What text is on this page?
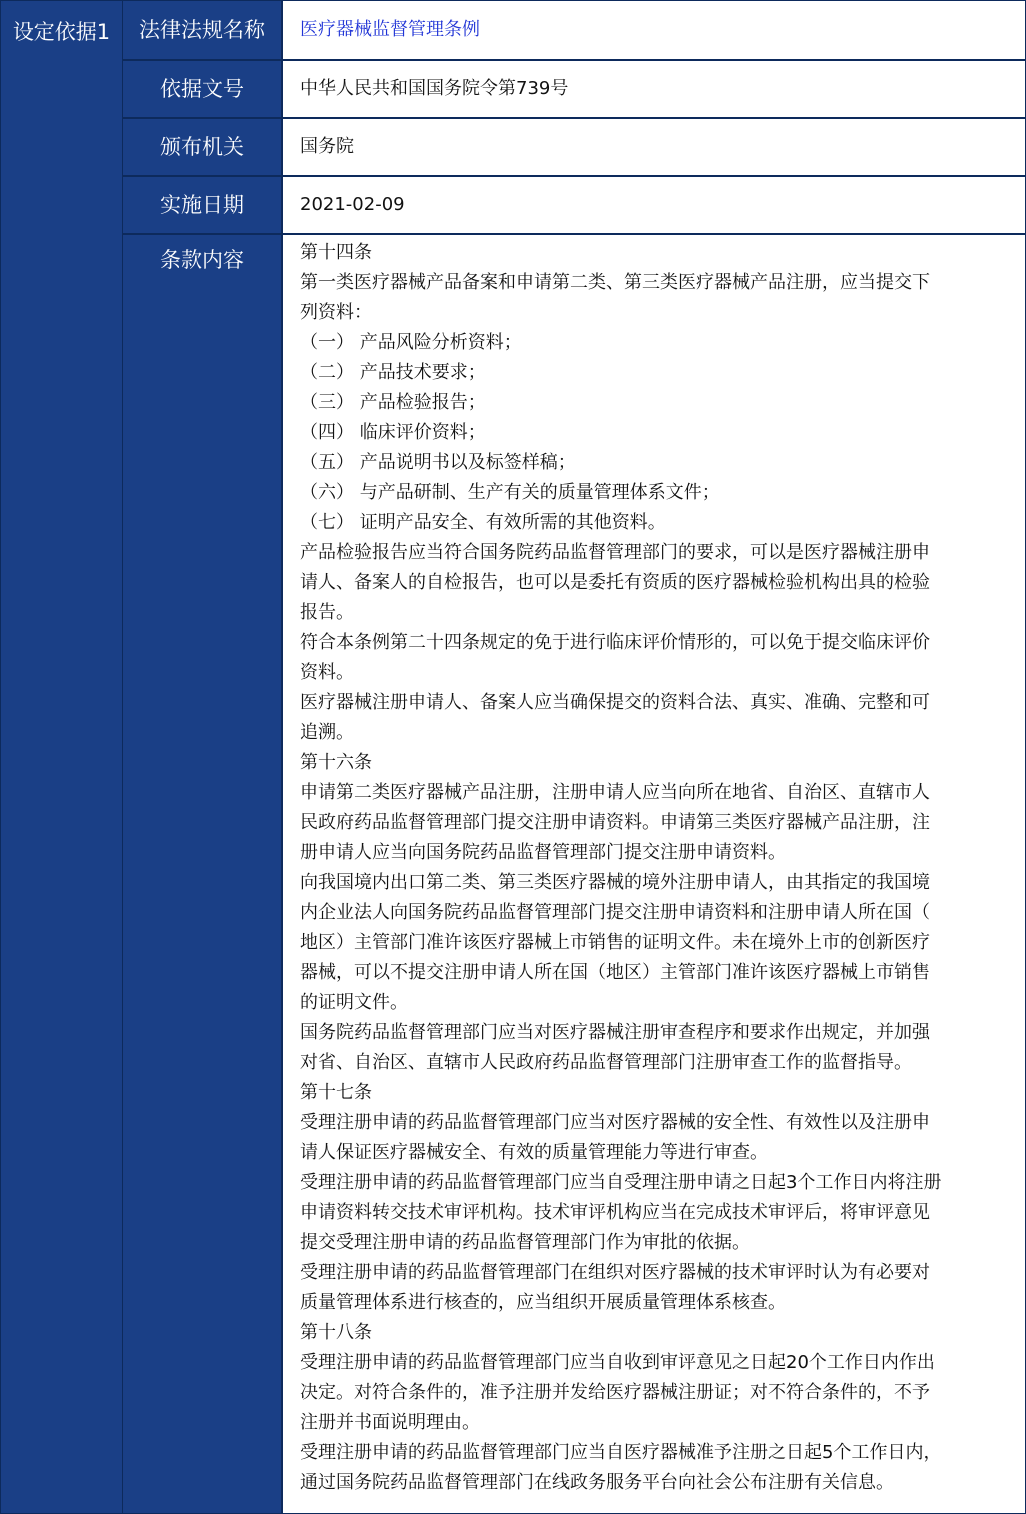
设定依据1	法律法规名称	医疗器械监督管理条例
依据文号	中华人民共和国国务院令第739号
颁布机关	国务院
实施日期	2021-02-09
条款内容	第十四条

第一类医疗器械产品备案和申请第二类、第三类医疗器械产品注册，应当提交下

列资料：

（一） 产品风险分析资料；

（二） 产品技术要求；

（三） 产品检验报告；

（四） 临床评价资料；

（五） 产品说明书以及标签样稿；

（六） 与产品研制、生产有关的质量管理体系文件；

（七） 证明产品安全、有效所需的其他资料。

产品检验报告应当符合国务院药品监督管理部门的要求，可以是医疗器械注册申

请人、备案人的自检报告，也可以是委托有资质的医疗器械检验机构出具的检验

报告。

符合本条例第二十四条规定的免于进行临床评价情形的，可以免于提交临床评价

资料。

医疗器械注册申请人、备案人应当确保提交的资料合法、真实、准确、完整和可

追溯。

第十六条

申请第二类医疗器械产品注册，注册申请人应当向所在地省、自治区、直辖市人

民政府药品监督管理部门提交注册申请资料。申请第三类医疗器械产品注册，注

册申请人应当向国务院药品监督管理部门提交注册申请资料。

向我国境内出口第二类、第三类医疗器械的境外注册申请人，由其指定的我国境

内企业法人向国务院药品监督管理部门提交注册申请资料和注册申请人所在国（

地区）主管部门准许该医疗器械上市销售的证明文件。未在境外上市的创新医疗

器械，可以不提交注册申请人所在国（地区）主管部门准许该医疗器械上市销售

的证明文件。

国务院药品监督管理部门应当对医疗器械注册审查程序和要求作出规定，并加强

对省、自治区、直辖市人民政府药品监督管理部门注册审查工作的监督指导。

第十七条

受理注册申请的药品监督管理部门应当对医疗器械的安全性、有效性以及注册申

请人保证医疗器械安全、有效的质量管理能力等进行审查。

受理注册申请的药品监督管理部门应当自受理注册申请之日起3个工作日内将注册

申请资料转交技术审评机构。技术审评机构应当在完成技术审评后，将审评意见

提交受理注册申请的药品监督管理部门作为审批的依据。

受理注册申请的药品监督管理部门在组织对医疗器械的技术审评时认为有必要对

质量管理体系进行核查的，应当组织开展质量管理体系核查。

第十八条

受理注册申请的药品监督管理部门应当自收到审评意见之日起20个工作日内作出

决定。对符合条件的，准予注册并发给医疗器械注册证；对不符合条件的，不予

注册并书面说明理由。

受理注册申请的药品监督管理部门应当自医疗器械准予注册之日起5个工作日内，

通过国务院药品监督管理部门在线政务服务平台向社会公布注册有关信息。
